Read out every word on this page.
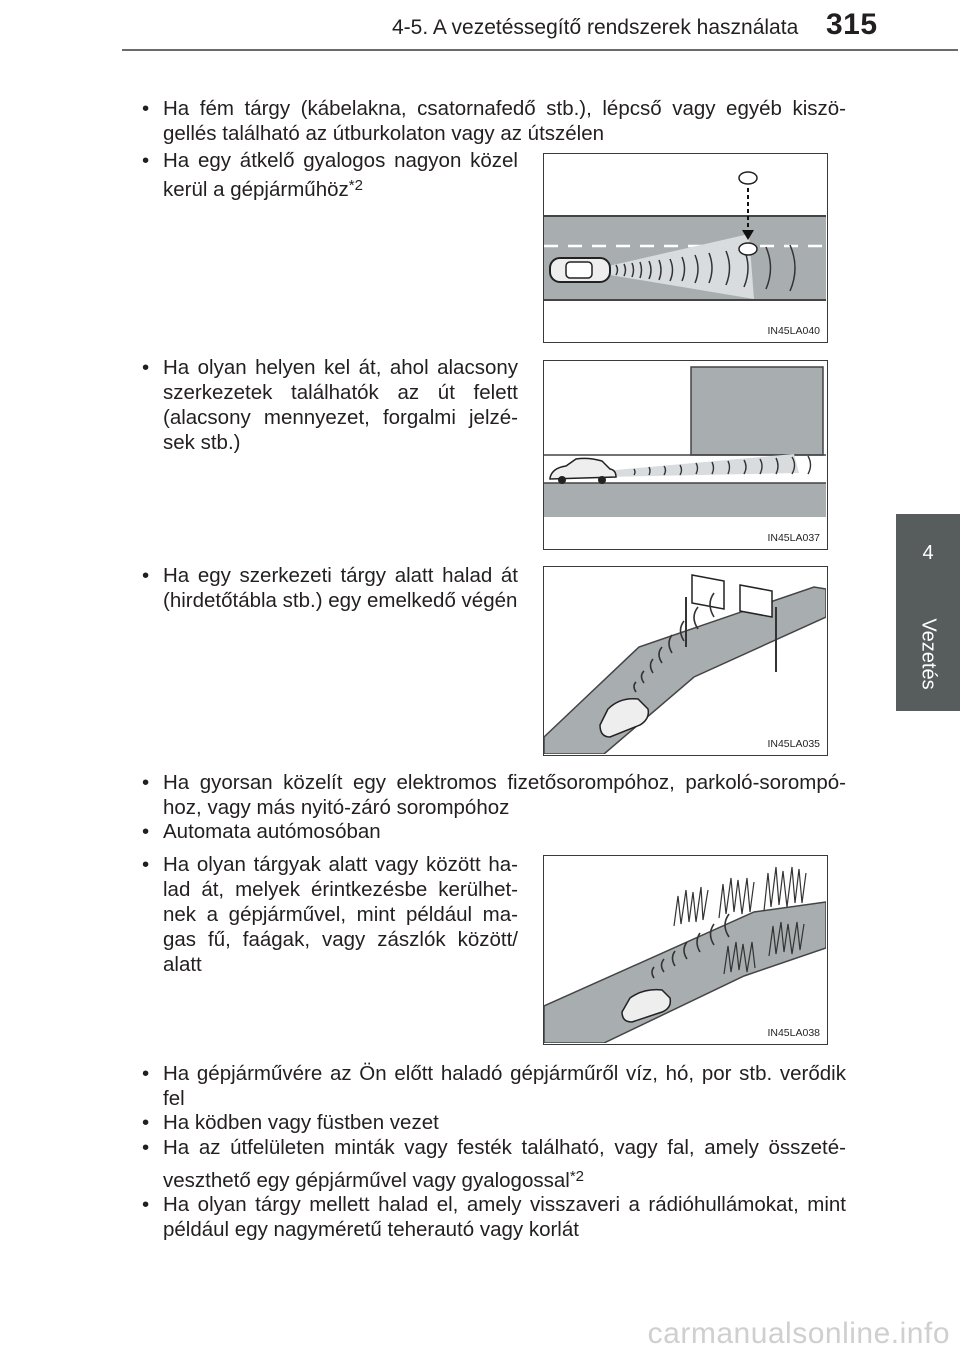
4-5. A vezetéssegítő rendszerek használata 315
4
Vezetés
• Ha fém tárgy (kábelakna, csatornafedő stb.), lépcső vagy egyéb kiszö-
gellés található az útburkolaton vagy az útszélen
• Ha egy átkelő gyalogos nagyon közel
kerül a gépjárműhöz$^{*2}$
IN45LA040
• Ha olyan helyen kel át, ahol alacsony
szerkezetek találhatók az út felett
(alacsony mennyezet, forgalmi jelzé-
sek stb.)
IN45LA037
• Ha egy szerkezeti tárgy alatt halad át
(hirdetőtábla stb.) egy emelkedő végén
IN45LA035
• Ha gyorsan közelít egy elektromos fizetősorompóhoz, parkoló-sorompó-
hoz, vagy más nyitó-záró sorompóhoz
• Automata autómosóban
• Ha olyan tárgyak alatt vagy között ha-
lad át, melyek érintkezésbe kerülhet-
nek a gépjárművel, mint például ma-
gas fű, faágak, vagy zászlók között/
alatt
IN45LA038
• Ha gépjárművére az Ön előtt haladó gépjárműről víz, hó, por stb. verődik
fel
• Ha ködben vagy füstben vezet
• Ha az útfelületen minták vagy festék található, vagy fal, amely összeté-
veszthető egy gépjárművel vagy gyalogossal$^{*2}$
• Ha olyan tárgy mellett halad el, amely visszaveri a rádióhullámokat, mint
például egy nagyméretű teherautó vagy korlát
carmanualsonline.info
